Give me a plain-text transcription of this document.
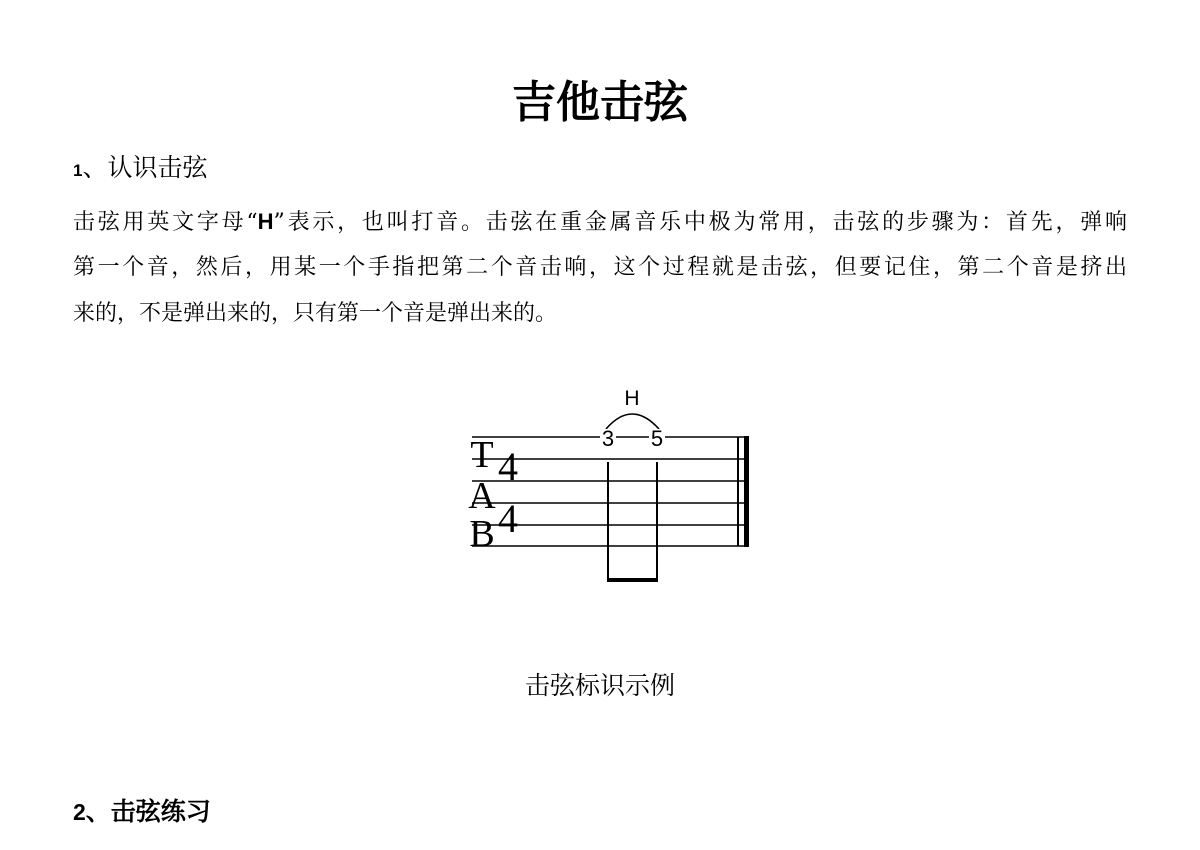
吉他击弦
1、认识击弦
击弦用英文字母“H”表示，也叫打音。击弦在重金属音乐中极为常用，击弦的步骤为：首先，弹响
第一个音，然后，用某一个手指把第二个音击响，这个过程就是击弦，但要记住，第二个音是挤出
来的，不是弹出来的，只有第一个音是弹出来的。
T
A
B
4
4
H
3 5
击弦标识示例
2、击弦练习
